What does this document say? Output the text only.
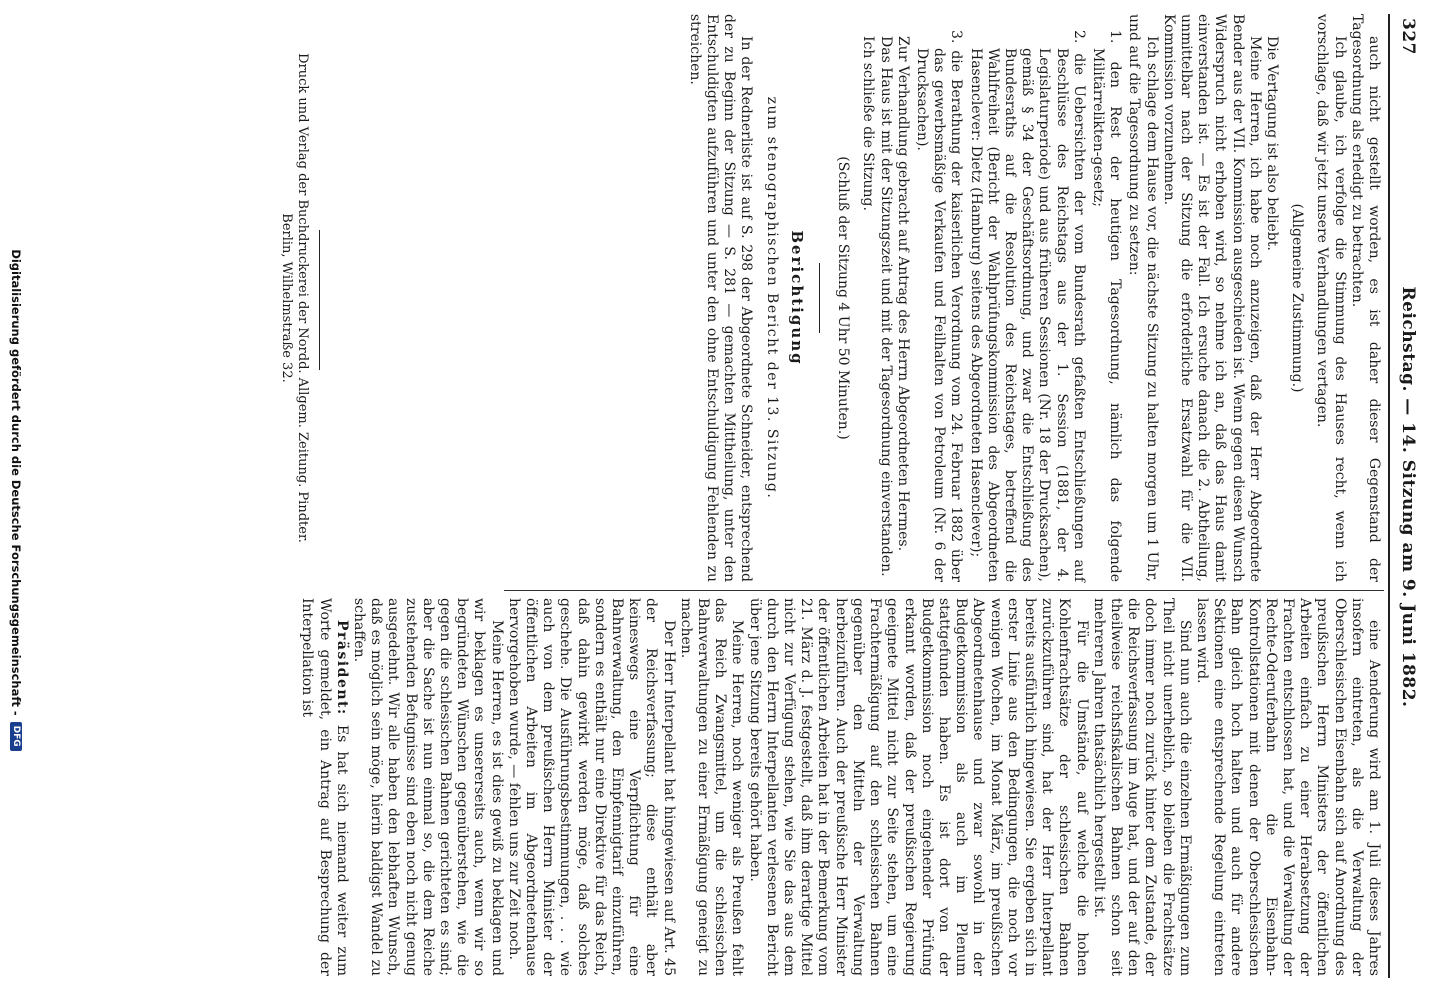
327
Reichstag. — 14. Sitzung am 9. Juni 1882.

eine Aenderung wird am 1. Juli dieses Jahres insofern eintreten, als die Verwaltung der Oberschlesischen Eisenbahn sich auf Anordnung des preußischen Herrn Ministers der öffentlichen Arbeiten einfach zu einer Herabsetzung der Frachten entschlossen hat, und die Verwaltung der Rechte-Oderuferbahn die Eisenbahn-Kontrollstationen mit denen der Oberschlesischen Bahn gleich hoch halten und auch für andere Sektionen eine entsprechende Regelung eintreten lassen wird.

Sind nun auch die einzelnen Ermäßigungen zum Theil nicht unerheblich, so bleiben die Frachtsätze doch immer noch zurück hinter dem Zustande, der die Reichsverfassung im Auge hat, und der auf den theilweise reichsfiskalischen Bahnen schon seit mehreren Jahren thatsächlich hergestellt ist.

Für die Umstände, auf welche die hohen Kohlenfrachtsätze der schlesischen Bahnen zurückzuführen sind, hat der Herr Interpellant bereits ausführlich hingewiesen. Sie ergeben sich in erster Linie aus den Bedingungen, die noch vor wenigen Wochen, im Monat März, im preußischen Abgeordnetenhause und zwar sowohl in der Budgetkommission als auch im Plenum stattgefunden haben. Es ist dort von der Budgetkommission noch eingehender Prüfung erkannt worden, daß der preußischen Regierung geeignete Mittel nicht zur Seite stehen, um eine Frachtermäßigung auf den schlesischen Bahnen gegenüber den Mitteln der Verwaltung herbeizuführen. Auch der preußische Herr Minister der öffentlichen Arbeiten hat in der Bemerkung vom 21. März d. J. festgestellt, daß ihm derartige Mittel nicht zur Verfügung stehen, wie Sie das aus dem durch den Herrn Interpellanten verlesenen Bericht über jene Sitzung bereits gehört haben.

Meine Herren, noch weniger als Preußen fehlt das Reich Zwangsmittel, um die schlesischen Bahnverwaltungen zu einer Ermäßigung geneigt zu machen.

Der Herr Interpellant hat hingewiesen auf Art. 45 der Reichsverfassung; diese enthält aber keineswegs eine Verpflichtung für eine Bahnverwaltung, den Einpfennigtarif einzuführen, sondern es enthält nur eine Direktive für das Reich, daß dahin gewirkt werden möge, daß solches geschehe. Die Ausführungsbestimmungen, . . . wie auch von dem preußischen Herrn Minister der öffentlichen Arbeiten im Abgeordnetenhause hervorgehoben wurde, — fehlen uns zur Zeit noch.

Meine Herren, es ist dies gewiß zu beklagen und wir beklagen es unsererseits auch, wenn wir so begründeten Wünschen gegenüberstehen, wie die gegen die schlesischen Bahnen gerichteten es sind; aber die Sache ist nun einmal so, die dem Reiche zustehenden Befugnisse sind eben noch nicht genug ausgedehnt. Wir alle haben den lebhaften Wunsch, daß es möglich sein möge, hierin baldigst Wandel zu schaffen.

Präsident: Es hat sich niemand weiter zum Worte gemeldet, ein Antrag auf Besprechung der Interpellation ist

auch nicht gestellt worden, es ist daher dieser Gegenstand der Tagesordnung als erledigt zu betrachten.

Ich glaube, ich verfolge die Stimmung des Hauses recht, wenn ich vorschlage, daß wir jetzt unsere Verhandlungen vertagen.

(Allgemeine Zustimmung.)

Die Vertagung ist also beliebt.

Meine Herren, ich habe noch anzuzeigen, daß der Herr Abgeordnete Bender aus der VII. Kommission ausgeschieden ist. Wenn gegen diesen Wunsch Widerspruch nicht erhoben wird, so nehme ich an, daß das Haus damit einverstanden ist. — Es ist der Fall. Ich ersuche danach die 2. Abtheilung, unmittelbar nach der Sitzung die erforderliche Ersatzwahl für die VII. Kommission vorzunehmen.

Ich schlage dem Hause vor, die nächste Sitzung zu halten morgen um 1 Uhr, und auf die Tagesordnung zu setzen:

1. den Rest der heutigen Tagesordnung, nämlich das folgende Militärrelikten-gesetz;

2. die Uebersichten der vom Bundesrath gefaßten Entschließungen auf Beschlüsse des Reichstags aus der 1. Session (1881, der 4. Legislaturperiode) und aus früheren Sessionen (Nr. 18 der Drucksachen), gemäß § 34 der Geschäftsordnung, und zwar die Entschließung des Bundesraths auf die Resolution des Reichstages, betreffend die Wahlfreiheit (Bericht der Wahlprüfungskommission des Abgeordneten Hasenclever: Dietz (Hamburg) seitens des Abgeordneten Hasenclever);

3. die Berathung der kaiserlichen Verordnung vom 24. Februar 1882 über das gewerbsmäßige Verkaufen und Feilhalten von Petroleum (Nr. 6 der Drucksachen).

Zur Verhandlung gebracht auf Antrag des Herrn Abgeordneten Hermes.

Das Haus ist mit der Sitzungszeit und mit der Tagesordnung einverstanden.

Ich schließe die Sitzung.

(Schluß der Sitzung 4 Uhr 50 Minuten.)

Berichtigung

zum stenographischen Bericht der 13. Sitzung.

In der Rednerliste ist auf S. 298 der Abgeordnete Schneider, entsprechend der zu Beginn der Sitzung — S. 281 — gemachten Mittheilung, unter den Entschuldigten aufzuführen und unter den ohne Entschuldigung Fehlenden zu streichen.

Druck und Verlag der Buchdruckerei der Nordd. Allgem. Zeitung. Pindter.
Berlin, Wilhelmstraße 32.
Digitalisierung gefördert durch die Deutsche Forschungsgemeinschaft -
DFG
